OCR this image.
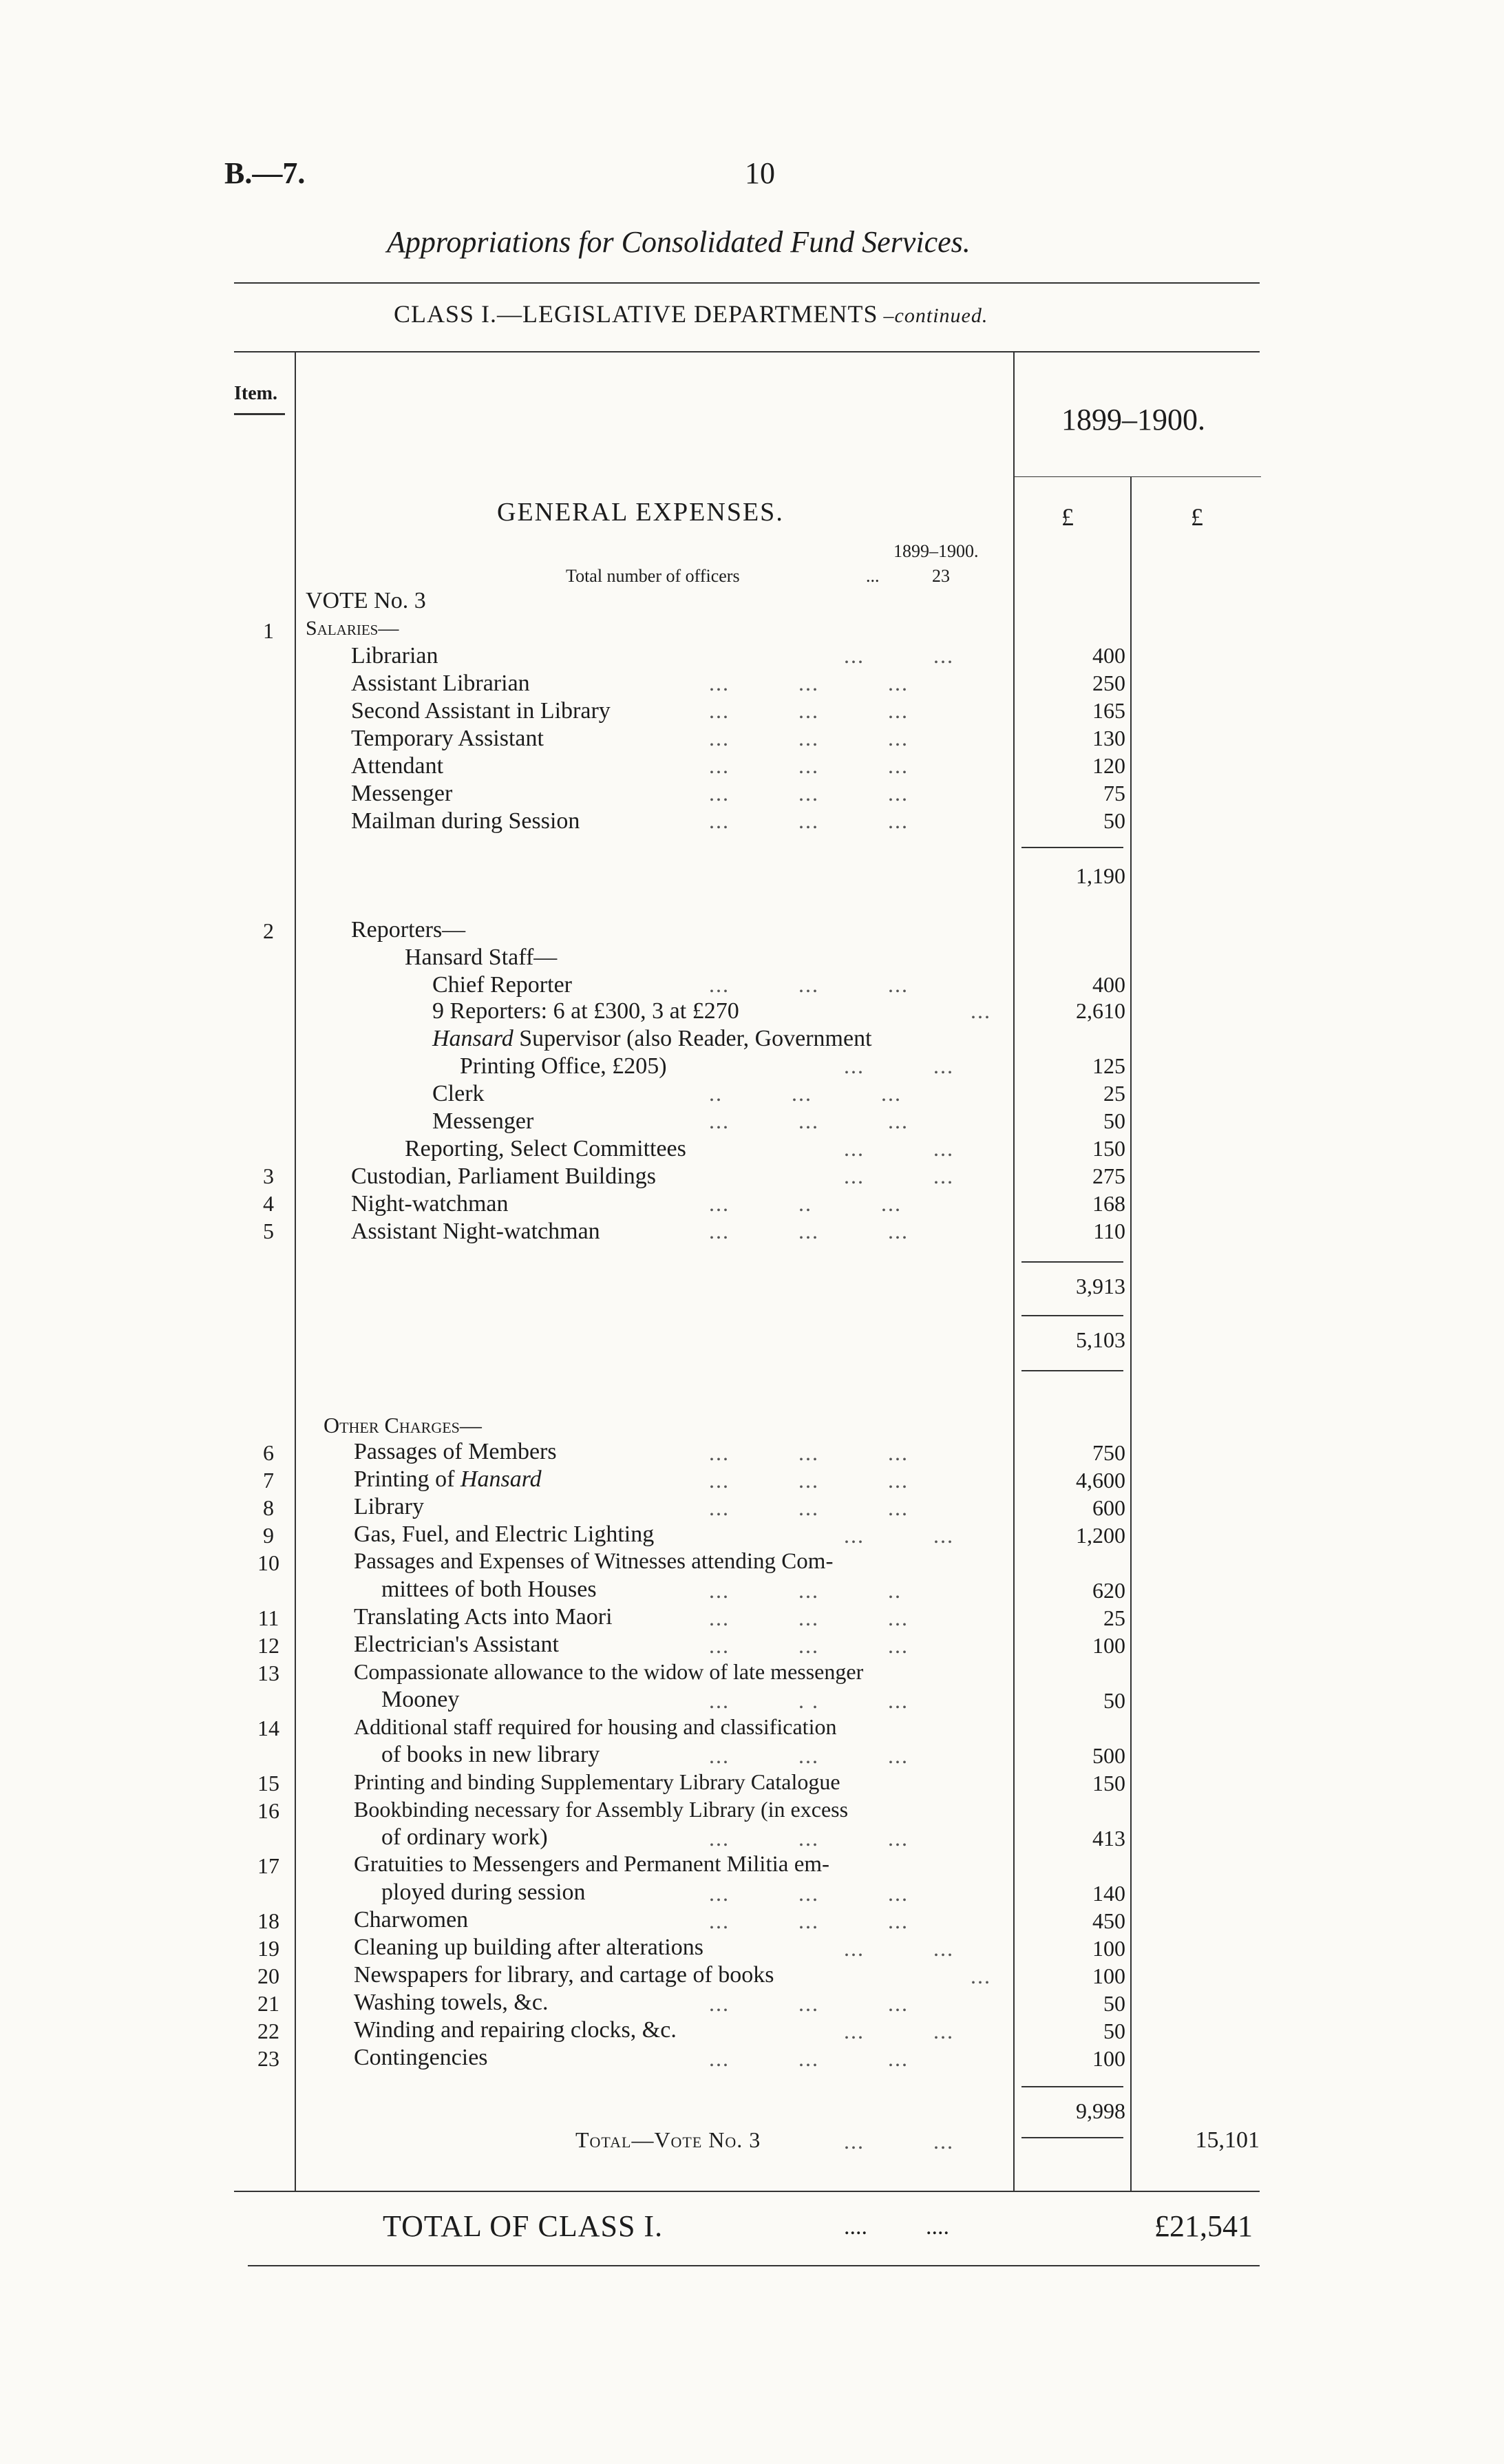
B.—7.	10
Appropriations for Consolidated Fund Services.
CLASS I.—LEGISLATIVE DEPARTMENTS –continued.
Item.
1899–1900.
£	£
GENERAL EXPENSES.
1899–1900.
Total number of officers	...	23
VOTE No. 3
1	Salaries—
Librarian	...          ...	400
Assistant Librarian	...          ...          ...	250
Second Assistant in Library	...          ...          ...	165
Temporary Assistant	...          ...          ...	130
Attendant	...          ...          ...	120
Messenger	...          ...          ...	75
Mailman during Session	...          ...          ...	50
1,190
2	Reporters—
Hansard Staff—
Chief Reporter	...          ...          ...	400
9 Reporters: 6 at £300, 3 at £270	...	2,610
Hansard Supervisor (also Reader, Government
Printing Office, £205)	...          ...	125
Clerk	..          ...          ...	25
Messenger	...          ...          ...	50
Reporting, Select Committees	...          ...	150
3	Custodian, Parliament Buildings	...          ...	275
4	Night-watchman	...          ..          ...	168
5	Assistant Night-watchman	...          ...          ...	110
3,913
5,103
Other Charges—
6	Passages of Members	...          ...          ...	750
7	Printing of Hansard	...          ...          ...	4,600
8	Library	...          ...          ...	600
9	Gas, Fuel, and Electric Lighting	...          ...	1,200
10	Passages and Expenses of Witnesses attending Com-
mittees of both Houses	...          ...          ..	620
11	Translating Acts into Maori	...          ...          ...	25
12	Electrician's Assistant	...          ...          ...	100
13	Compassionate allowance to the widow of late messenger
Mooney	...          . .          ...	50
14	Additional staff required for housing and classification
of books in new library	...          ...          ...	500
15	Printing and binding Supplementary Library Catalogue	150
16	Bookbinding necessary for Assembly Library (in excess
of ordinary work)	...          ...          ...	413
17	Gratuities to Messengers and Permanent Militia em-
ployed during session	...          ...          ...	140
18	Charwomen	...          ...          ...	450
19	Cleaning up building after alterations	...          ...	100
20	Newspapers for library, and cartage of books	...	100
21	Washing towels, &c.	...          ...          ...	50
22	Winding and repairing clocks, &c.	...          ...	50
23	Contingencies	...          ...          ...	100
9,998
Total—Vote No. 3	...          ...	15,101
TOTAL OF CLASS I.	....          ....	£21,541
